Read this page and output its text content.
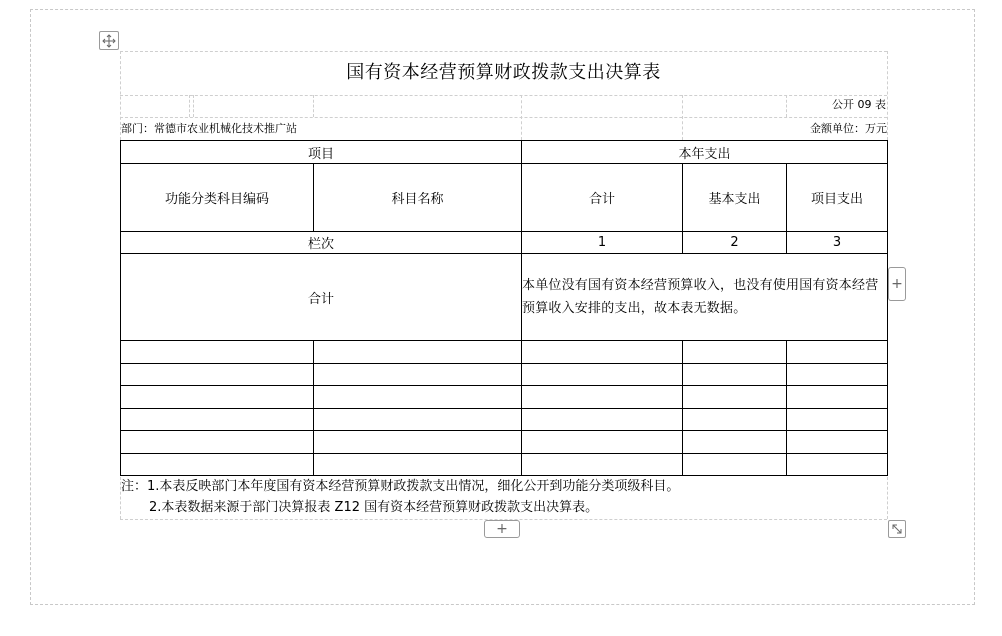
国有资本经营预算财政拨款支出决算表
公开 09 表
部门：常德市农业机械化技术推广站	金额单位：万元
项目		本年支出		
功能分类科目编码	科目名称	合计	基本支出	项目支出
栏次		1	2	3
合计		本单位没有国有资本经营预算收入，也没有使用国有资本经营预算收入安排的支出，故本表无数据。		

注：1.本表反映部门本年度国有资本经营预算财政拨款支出情况，细化公开到功能分类项级科目。
2.本表数据来源于部门决算报表 Z12 国有资本经营预算财政拨款支出决算表。
+
+
